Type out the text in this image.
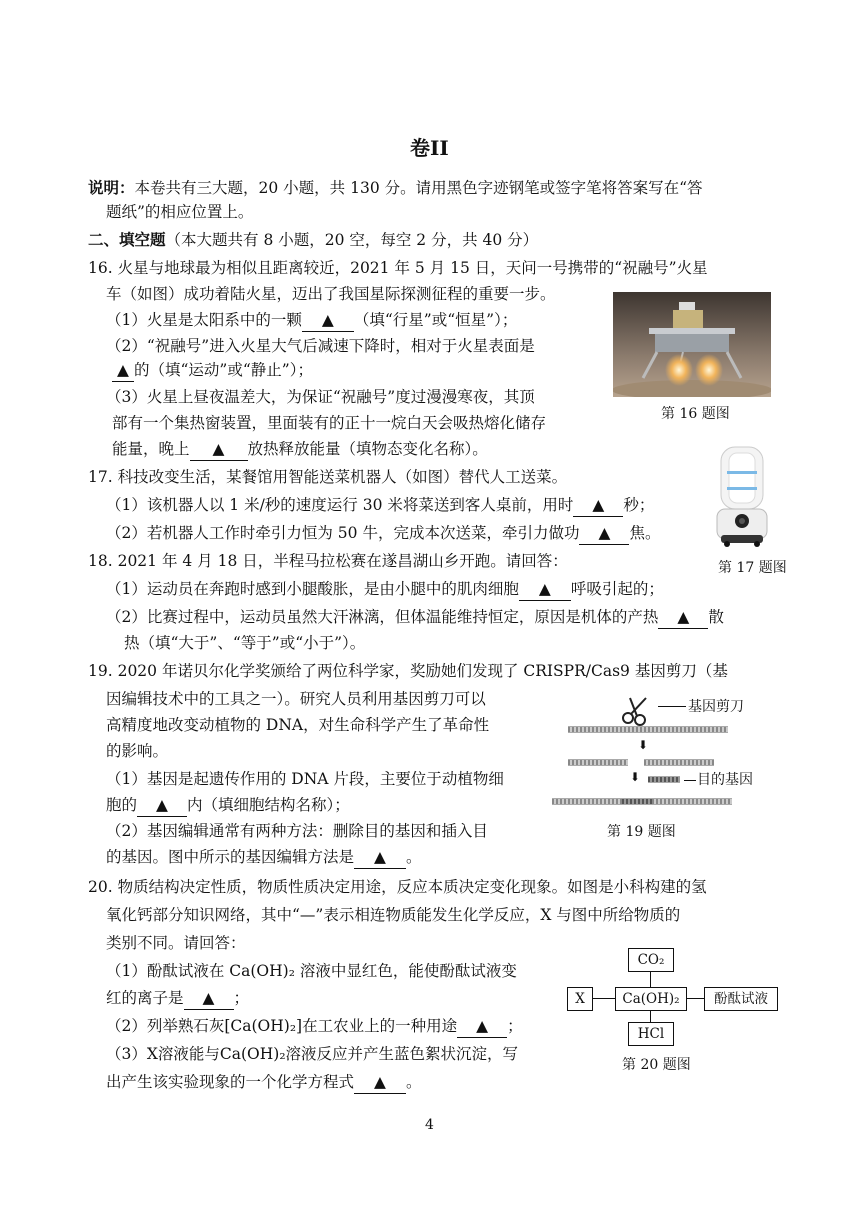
卷II
说明：本卷共有三大题，20 小题，共 130 分。请用黑色字迹钢笔或签字笔将答案写在“答
题纸”的相应位置上。
二、填空题（本大题共有 8 小题，20 空，每空 2 分，共 40 分）
16. 火星与地球最为相似且距离较近，2021 年 5 月 15 日，天问一号携带的“祝融号”火星
车（如图）成功着陆火星，迈出了我国星际探测征程的重要一步。
（1）火星是太阳系中的一颗 ▲ （填“行星”或“恒星”）；
（2）“祝融号”进入火星大气后减速下降时，相对于火星表面是
▲ 的（填“运动”或“静止”）；
（3）火星上昼夜温差大，为保证“祝融号”度过漫漫寒夜，其顶
部有一个集热窗装置，里面装有的正十一烷白天会吸热熔化储存
能量，晚上 ▲ 放热释放能量（填物态变化名称）。
第 16 题图
17. 科技改变生活，某餐馆用智能送菜机器人（如图）替代人工送菜。
（1）该机器人以 1 米/秒的速度运行 30 米将菜送到客人桌前，用时 ▲ 秒；
（2）若机器人工作时牵引力恒为 50 牛，完成本次送菜，牵引力做功 ▲ 焦。
第 17 题图
18. 2021 年 4 月 18 日，半程马拉松赛在遂昌湖山乡开跑。请回答：
（1）运动员在奔跑时感到小腿酸胀，是由小腿中的肌肉细胞 ▲ 呼吸引起的；
（2）比赛过程中，运动员虽然大汗淋漓，但体温能维持恒定，原因是机体的产热 ▲ 散
热（填“大于”、“等于”或“小于”）。
19. 2020 年诺贝尔化学奖颁给了两位科学家，奖励她们发现了 CRISPR/Cas9 基因剪刀（基
因编辑技术中的工具之一）。研究人员利用基因剪刀可以
高精度地改变动植物的 DNA，对生命科学产生了革命性
的影响。
（1）基因是起遗传作用的 DNA 片段，主要位于动植物细
胞的 ▲ 内（填细胞结构名称）；
（2）基因编辑通常有两种方法：删除目的基因和插入目
的基因。图中所示的基因编辑方法是 ▲ 。
基因剪刀
⬇
⬇	目的基因
第 19 题图
20. 物质结构决定性质，物质性质决定用途，反应本质决定变化现象。如图是小科构建的氢
氧化钙部分知识网络，其中“—”表示相连物质能发生化学反应，X 与图中所给物质的
类别不同。请回答：
（1）酚酞试液在 Ca(OH)₂ 溶液中显红色，能使酚酞试液变
红的离子是 ▲ ；
（2）列举熟石灰[Ca(OH)₂]在工农业上的一种用途 ▲ ；
（3）X溶液能与Ca(OH)₂溶液反应并产生蓝色絮状沉淀，写
出产生该实验现象的一个化学方程式 ▲ 。
CO₂
Ca(OH)₂
X	酚酞试液
HCl
第 20 题图
4
